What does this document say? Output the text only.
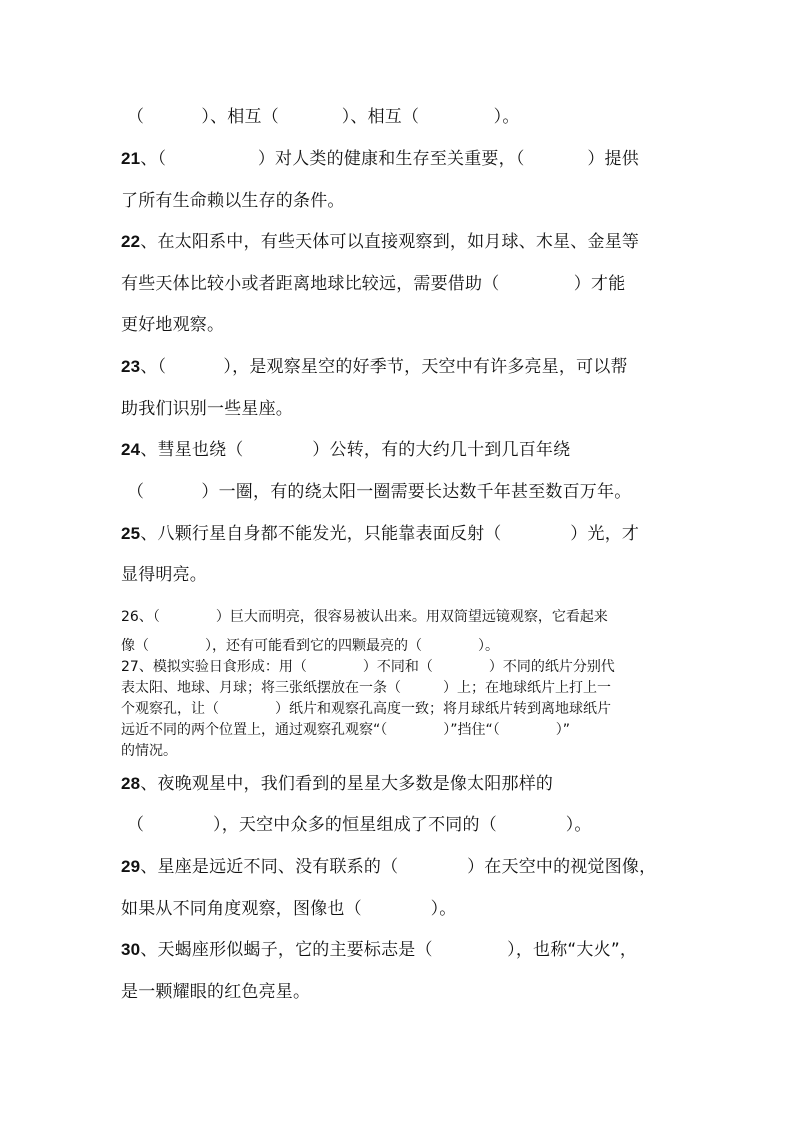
（　　　 ）、相互（　　　  ）、相互（　　　　 ）。
21、（　　　　　 ）对人类的健康和生存至关重要，（　　　  ）提供
了所有生命赖以生存的条件。
22、在太阳系中，有些天体可以直接观察到，如月球、木星、金星等
有些天体比较小或者距离地球比较远，需要借助（　　　　 ）才能
更好地观察。
23、（　　　 ），是观察星空的好季节，天空中有许多亮星，可以帮
助我们识别一些星座。
24、彗星也绕（　　　　）公转，有的大约几十到几百年绕
（　　　 ）一圈，有的绕太阳一圈需要长达数千年甚至数百万年。
25、八颗行星自身都不能发光，只能靠表面反射（　　　　）光，才
显得明亮。
26、（　　　　）巨大而明亮，很容易被认出来。用双筒望远镜观察，它看起来
像（　　　　），还有可能看到它的四颗最亮的（　　　　）。
27、模拟实验日食形成：用（　　　　）不同和（　　　　）不同的纸片分别代
表太阳、地球、月球；将三张纸摆放在一条（　　　）上；在地球纸片上打上一
个观察孔，让（　　　　）纸片和观察孔高度一致；将月球纸片转到离地球纸片
远近不同的两个位置上，通过观察孔观察“（　　　　）”挡住“（　　　　）”
的情况。
28、夜晚观星中，我们看到的星星大多数是像太阳那样的
（　　　　），天空中众多的恒星组成了不同的（　　　　）。
29、星座是远近不同、没有联系的（　　　　）在天空中的视觉图像，
如果从不同角度观察，图像也（　　　　）。
30、天蝎座形似蝎子，它的主要标志是（　　　　 ），也称“大火”，
是一颗耀眼的红色亮星。
